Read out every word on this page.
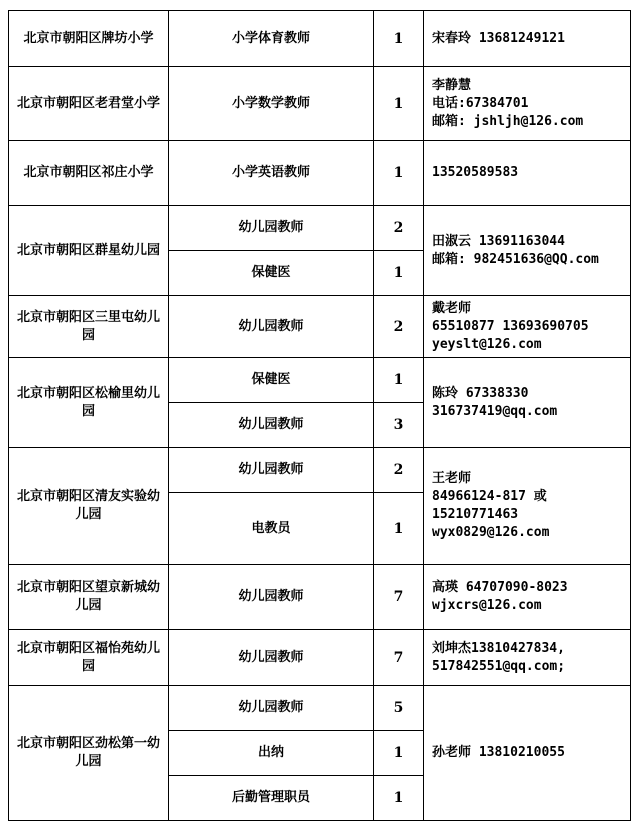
北京市朝阳区牌坊小学	小学体育教师	1	宋春玲 13681249121

北京市朝阳区老君堂小学	小学数学教师	1	李静慧
电话:67384701
邮箱: jshljh@126.com

北京市朝阳区祁庄小学	小学英语教师	1	13520589583

北京市朝阳区群星幼儿园	幼儿园教师	2	田淑云 13691163044
邮箱: 982451636@QQ.com

	保健医	1	
北京市朝阳区三里屯幼儿园	幼儿园教师	2	戴老师
65510877 13693690705
yeyslt@126.com

北京市朝阳区松榆里幼儿园	保健医	1	陈玲 67338330
316737419@qq.com

	幼儿园教师	3	
北京市朝阳区清友实验幼儿园	幼儿园教师	2	王老师
84966124-817 或
15210771463
wyx0829@126.com

	电教员	1	
北京市朝阳区望京新城幼儿园	幼儿园教师	7	高瑛 64707090-8023
wjxcrs@126.com

北京市朝阳区福怡苑幼儿园	幼儿园教师	7	刘坤杰13810427834,
517842551@qq.com;

北京市朝阳区劲松第一幼儿园	幼儿园教师	5	孙老师 13810210055

	出纳	1	
	后勤管理职员	1	
